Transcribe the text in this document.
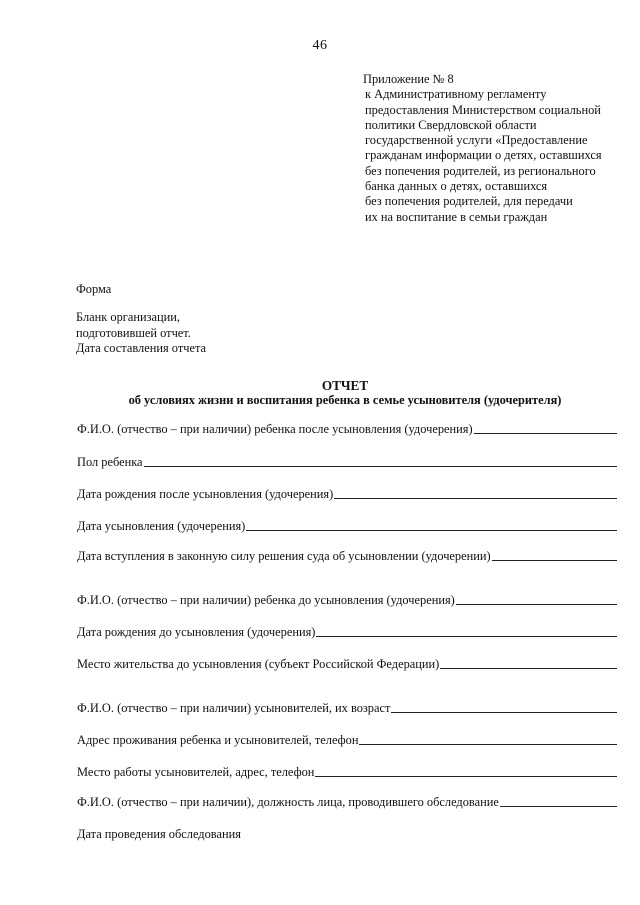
46
Приложение № 8
к Административному регламенту
предоставления Министерством социальной
политики Свердловской области
государственной услуги «Предоставление
гражданам информации о детях, оставшихся
без попечения родителей, из регионального
банка данных о детях, оставшихся
без попечения родителей, для передачи
их на воспитание в семьи граждан
Форма
Бланк организации,
подготовившей отчет.
Дата составления отчета
ОТЧЕТ
об условиях жизни и воспитания ребенка в семье усыновителя (удочерителя)
Ф.И.О. (отчество – при наличии) ребенка после усыновления (удочерения)
Пол ребенка
Дата рождения после усыновления (удочерения)
Дата усыновления (удочерения)
Дата вступления в законную силу решения суда об усыновлении (удочерении)
Ф.И.О. (отчество – при наличии) ребенка до усыновления (удочерения)
Дата рождения до усыновления (удочерения)
Место жительства до усыновления (субъект Российской Федерации)
Ф.И.О. (отчество – при наличии) усыновителей, их возраст
Адрес проживания ребенка и усыновителей, телефон
Место работы усыновителей, адрес, телефон
Ф.И.О. (отчество – при наличии), должность лица, проводившего обследование
Дата проведения обследования
